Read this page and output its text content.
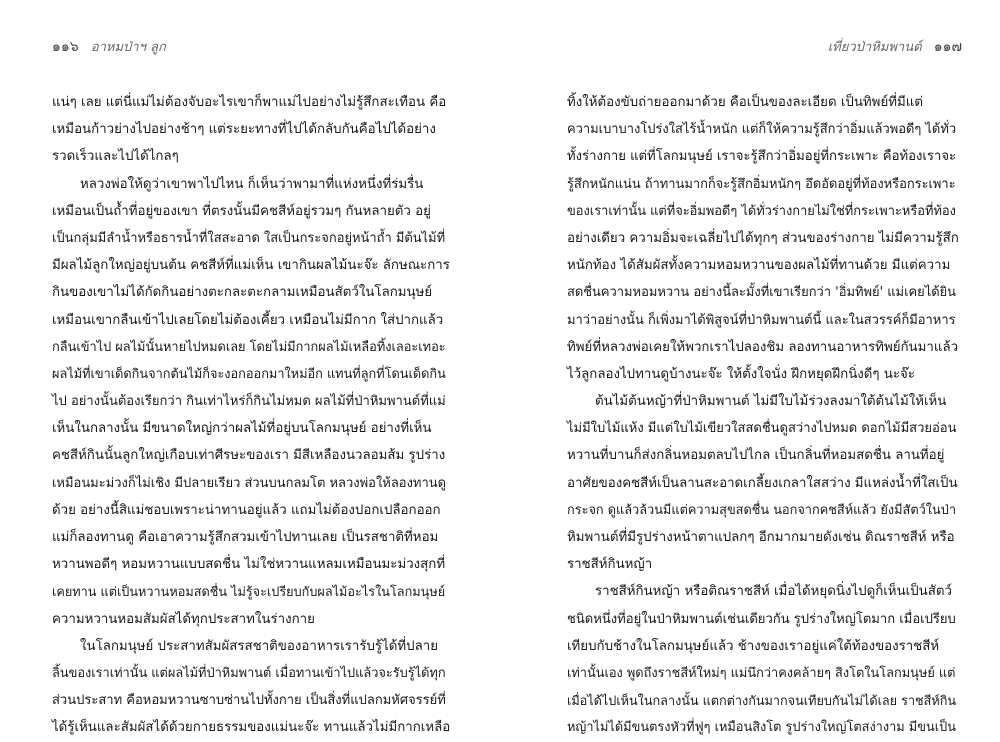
๑๑๖ อาหมป่าฯ ลูก
แน่ๆ เลย แต่นี่แม่ไม่ต้องจับอะไรเขาก็พาแม่ไปอย่างไม่รู้สึกสะเทือน คือ
เหมือนก้าวย่างไปอย่างช้าๆ แต่ระยะทางที่ไปได้กลับกันคือไปได้อย่าง
รวดเร็วและไปได้ไกลๆ
หลวงพ่อให้ดูว่าเขาพาไปไหน ก็เห็นว่าพามาที่แห่งหนึ่งที่ร่มรื่น
เหมือนเป็นถ้ำที่อยู่ของเขา ที่ตรงนั้นมีคชสีห์อยู่รวมๆ กันหลายตัว อยู่
เป็นกลุ่มมีลำน้ำหรือธารน้ำที่ใสสะอาด ใสเป็นกระจกอยู่หน้าถ้ำ มีต้นไม้ที่
มีผลไม้ลูกใหญ่อยู่บนต้น คชสีห์ที่แม่เห็น เขากินผลไม้นะจ๊ะ ลักษณะการ
กินของเขาไม่ได้กัดกินอย่างตะกละตะกลามเหมือนสัตว์ในโลกมนุษย์
เหมือนเขากลืนเข้าไปเลยโดยไม่ต้องเคี้ยว เหมือนไม่มีกาก ใส่ปากแล้ว
กลืนเข้าไป ผลไม้นั้นหายไปหมดเลย โดยไม่มีกากผลไม้เหลือทิ้งเลอะเทอะ
ผลไม้ที่เขาเด็ดกินจากต้นไม้ก็จะงอกออกมาใหม่อีก แทนที่ลูกที่โดนเด็ดกิน
ไป อย่างนั้นต้องเรียกว่า กินเท่าไหร่ก็กินไม่หมด ผลไม้ที่ป่าหิมพานต์ที่แม่
เห็นในกลางนั้น มีขนาดใหญ่กว่าผลไม้ที่อยู่บนโลกมนุษย์ อย่างที่เห็น
คชสีห์กินนั้นลูกใหญ่เกือบเท่าศีรษะของเรา มีสีเหลืองนวลอมส้ม รูปร่าง
เหมือนมะม่วงก็ไม่เชิง มีปลายเรียว ส่วนบนกลมโต หลวงพ่อให้ลองทานดู
ด้วย อย่างนี้สิแม่ชอบเพราะน่าทานอยู่แล้ว แถมไม่ต้องปอกเปลือกออก
แม่ก็ลองทานดู คือเอาความรู้สึกสวมเข้าไปทานเลย เป็นรสชาติที่หอม
หวานพอดีๆ หอมหวานแบบสดชื่น ไม่ใช่หวานแหลมเหมือนมะม่วงสุกที่
เคยทาน แต่เป็นหวานหอมสดชื่น ไม่รู้จะเปรียบกับผลไม้อะไรในโลกมนุษย์
ความหวานหอมสัมผัสได้ทุกประสาทในร่างกาย
ในโลกมนุษย์ ประสาทสัมผัสรสชาติของอาหารเรารับรู้ได้ที่ปลาย
ลิ้นของเราเท่านั้น แต่ผลไม้ที่ป่าหิมพานต์ เมื่อทานเข้าไปแล้วจะรับรู้ได้ทุก
ส่วนประสาท คือหอมหวานซาบซ่านไปทั้งกาย เป็นสิ่งที่แปลกมหัศจรรย์ที่
ได้รู้เห็นและสัมผัสได้ด้วยกายธรรมของแม่นะจ๊ะ ทานแล้วไม่มีกากเหลือ
เที่ยวป่าหิมพานต์ ๑๑๗
ทิ้งให้ต้องขับถ่ายออกมาด้วย คือเป็นของละเอียด เป็นทิพย์ที่มีแต่
ความเบาบางโปร่งใสไร้น้ำหนัก แต่ก็ให้ความรู้สึกว่าอิ่มแล้วพอดีๆ ได้ทั่ว
ทั้งร่างกาย แต่ที่โลกมนุษย์ เราจะรู้สึกว่าอิ่มอยู่ที่กระเพาะ คือท้องเราจะ
รู้สึกหนักแน่น ถ้าทานมากก็จะรู้สึกอิ่มหนักๆ อึดอัดอยู่ที่ท้องหรือกระเพาะ
ของเราเท่านั้น แต่ที่จะอิ่มพอดีๆ ได้ทั่วร่างกายไม่ใช่ที่กระเพาะหรือที่ท้อง
อย่างเดียว ความอิ่มจะเฉลี่ยไปได้ทุกๆ ส่วนของร่างกาย ไม่มีความรู้สึก
หนักท้อง ได้สัมผัสทั้งความหอมหวานของผลไม้ที่ทานด้วย มีแต่ความ
สดชื่นความหอมหวาน อย่างนี้ละมั้งที่เขาเรียกว่า 'อิ่มทิพย์' แม่เคยได้ยิน
มาว่าอย่างนั้น ก็เพิ่งมาได้พิสูจน์ที่ป่าหิมพานต์นี้ และในสวรรค์ก็มีอาหาร
ทิพย์ที่หลวงพ่อเคยให้พวกเราไปลองชิม ลองทานอาหารทิพย์กันมาแล้ว
ไว้ลูกลองไปทานดูบ้างนะจ๊ะ ให้ตั้งใจนั่ง ฝึกหยุดฝึกนิ่งดีๆ นะจ๊ะ
ต้นไม้ต้นหญ้าที่ป่าหิมพานต์ ไม่มีใบไม้ร่วงลงมาใต้ต้นไม้ให้เห็น
ไม่มีใบไม้แห้ง มีแต่ใบไม้เขียวใสสดชื่นดูสว่างไปหมด ดอกไม้มีสวยอ่อน
หวานที่บานก็ส่งกลิ่นหอมตลบไปไกล เป็นกลิ่นที่หอมสดชื่น ลานที่อยู่
อาศัยของคชสีห์เป็นลานสะอาดเกลี้ยงเกลาใสสว่าง มีแหล่งน้ำที่ใสเป็น
กระจก ดูแล้วล้วนมีแต่ความสุขสดชื่น นอกจากคชสีห์แล้ว ยังมีสัตว์ในป่า
หิมพานต์ที่มีรูปร่างหน้าตาแปลกๆ อีกมากมายดังเช่น ดิณราชสีห์ หรือ
ราชสีห์กินหญ้า
ราชสีห์กินหญ้า หรือติณราชสีห์ เมื่อได้หยุดนิ่งไปดูก็เห็นเป็นสัตว์
ชนิดหนึ่งที่อยู่ในป่าหิมพานต์เช่นเดียวกัน รูปร่างใหญ่โตมาก เมื่อเปรียบ
เทียบกับช้างในโลกมนุษย์แล้ว ช้างของเราอยู่แค่ใต้ท้องของราชสีห์
เท่านั้นเอง พูดถึงราชสีห์ใหม่ๆ แม่นึกว่าคงคล้ายๆ สิงโตในโลกมนุษย์ แต่
เมื่อได้ไปเห็นในกลางนั้น แตกต่างกันมากจนเทียบกันไม่ได้เลย ราชสีห์กิน
หญ้าไม่ได้มีขนตรงหัวที่ฟูๆ เหมือนสิงโต รูปร่างใหญ่โตสง่างาม มีขนเป็น
